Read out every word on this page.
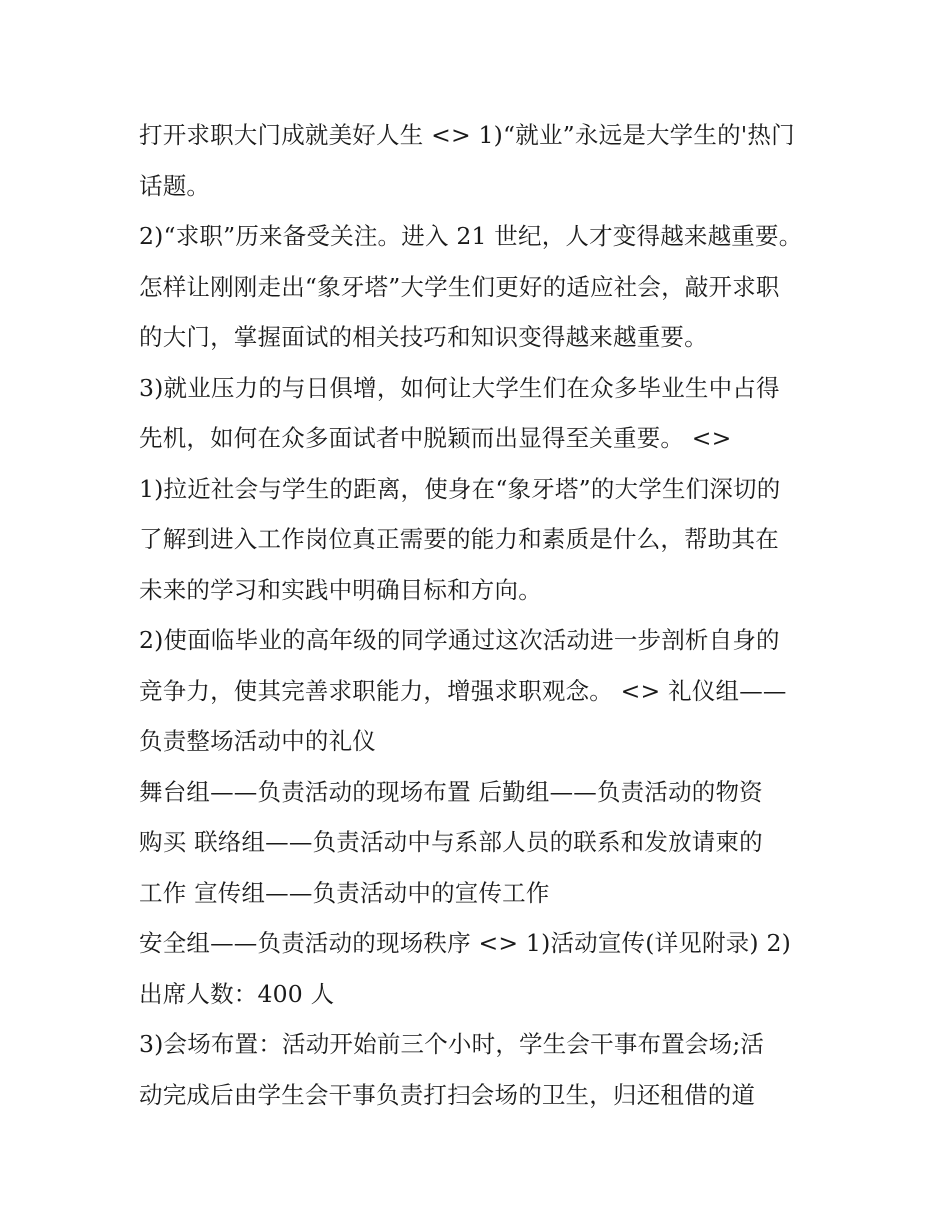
打开求职大门成就美好人生 <> 1)“就业”永远是大学生的'热门
话题。
2)“求职”历来备受关注。进入 21 世纪，人才变得越来越重要。
怎样让刚刚走出“象牙塔”大学生们更好的适应社会，敲开求职
的大门，掌握面试的相关技巧和知识变得越来越重要。
3)就业压力的与日俱增，如何让大学生们在众多毕业生中占得
先机，如何在众多面试者中脱颖而出显得至关重要。 <>
1)拉近社会与学生的距离，使身在“象牙塔”的大学生们深切的
了解到进入工作岗位真正需要的能力和素质是什么，帮助其在
未来的学习和实践中明确目标和方向。
2)使面临毕业的高年级的同学通过这次活动进一步剖析自身的
竞争力，使其完善求职能力，增强求职观念。 <> 礼仪组——
负责整场活动中的礼仪
舞台组——负责活动的现场布置 后勤组——负责活动的物资
购买 联络组——负责活动中与系部人员的联系和发放请柬的
工作 宣传组——负责活动中的宣传工作
安全组——负责活动的现场秩序 <> 1)活动宣传(详见附录) 2)
出席人数：400 人
3)会场布置：活动开始前三个小时，学生会干事布置会场;活
动完成后由学生会干事负责打扫会场的卫生，归还租借的道
